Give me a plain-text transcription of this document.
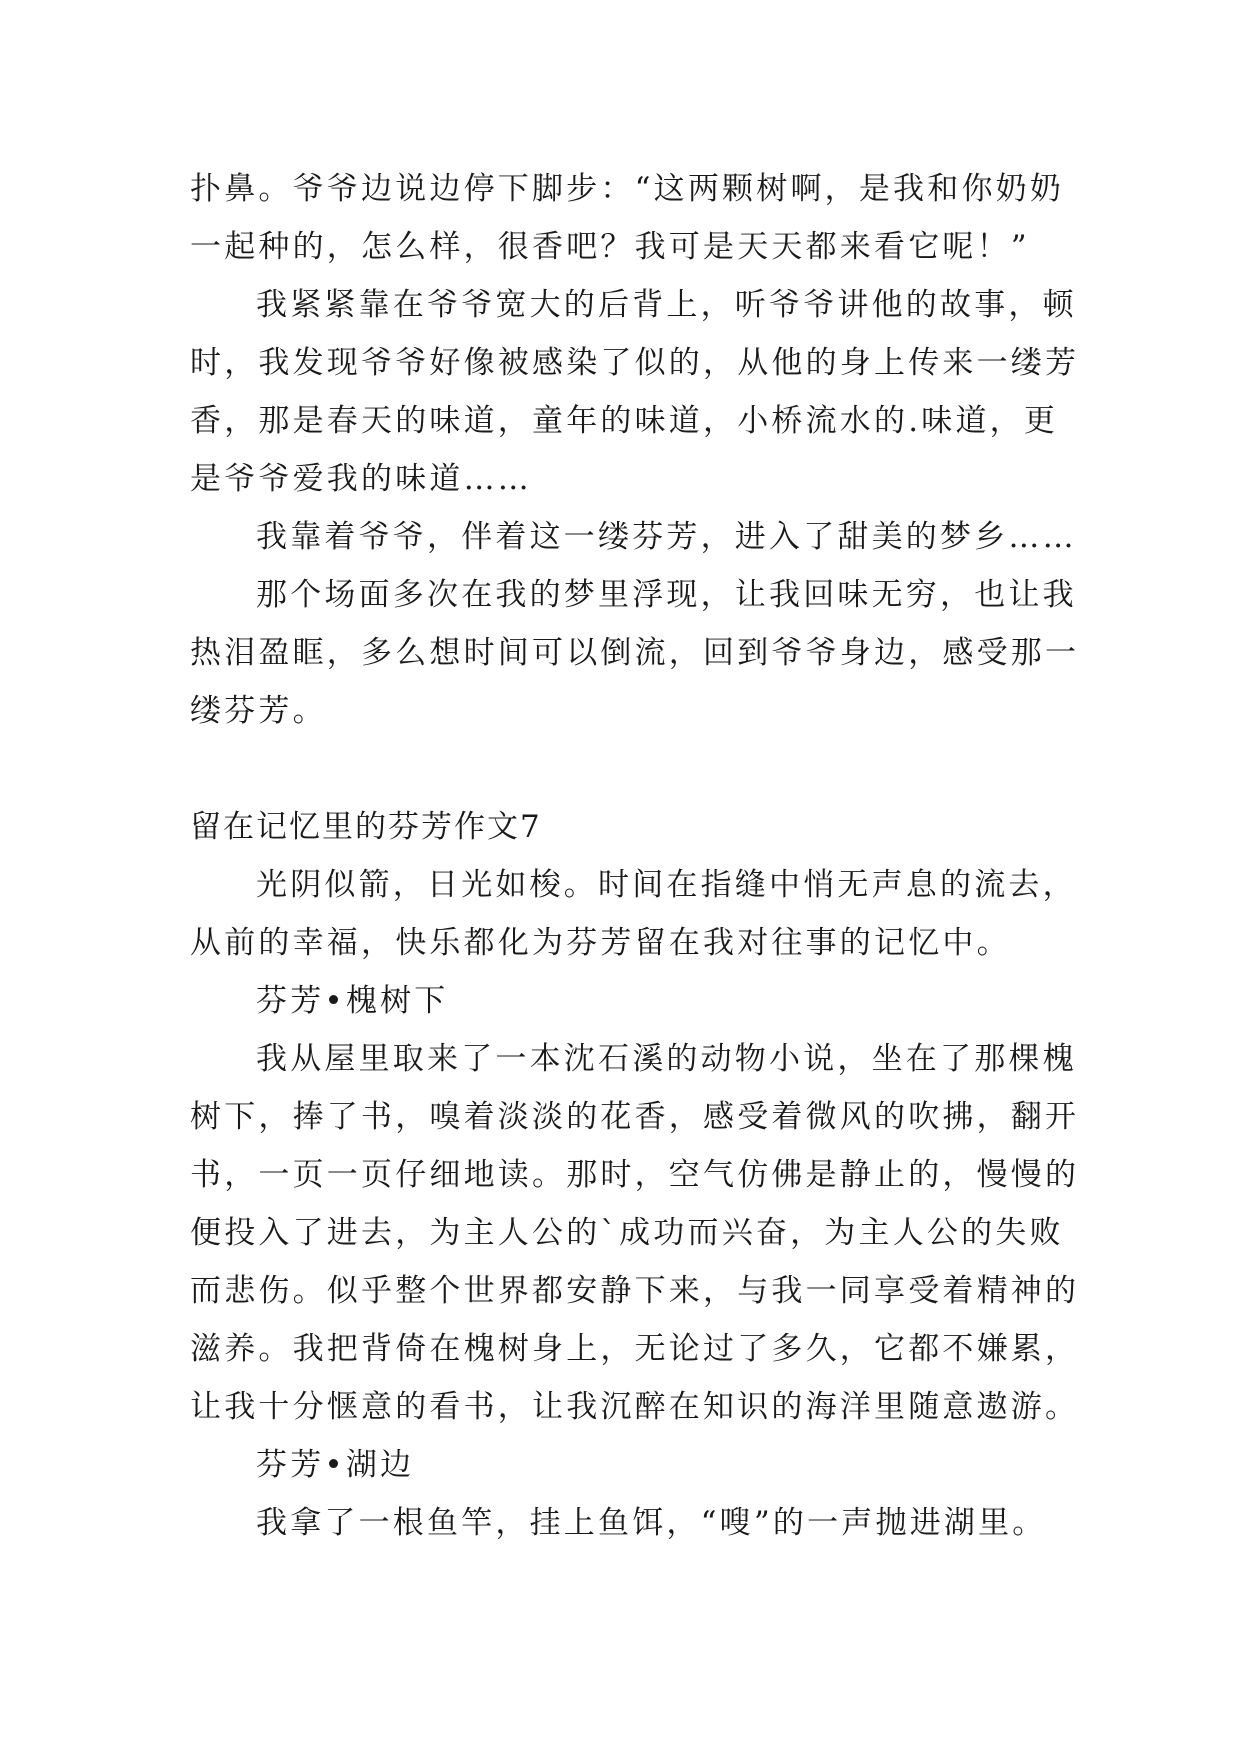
扑鼻。爷爷边说边停下脚步：“这两颗树啊，是我和你奶奶
一起种的，怎么样，很香吧？我可是天天都来看它呢！”
我紧紧靠在爷爷宽大的后背上，听爷爷讲他的故事，顿
时，我发现爷爷好像被感染了似的，从他的身上传来一缕芳
香，那是春天的味道，童年的味道，小桥流水的.味道，更
是爷爷爱我的味道……
我靠着爷爷，伴着这一缕芬芳，进入了甜美的梦乡……
那个场面多次在我的梦里浮现，让我回味无穷，也让我
热泪盈眶，多么想时间可以倒流，回到爷爷身边，感受那一
缕芬芳。
留在记忆里的芬芳作文7
光阴似箭，日光如梭。时间在指缝中悄无声息的流去，
从前的幸福，快乐都化为芬芳留在我对往事的记忆中。
芬芳•槐树下
我从屋里取来了一本沈石溪的动物小说，坐在了那棵槐
树下，捧了书，嗅着淡淡的花香，感受着微风的吹拂，翻开
书，一页一页仔细地读。那时，空气仿佛是静止的，慢慢的
便投入了进去，为主人公的`成功而兴奋，为主人公的失败
而悲伤。似乎整个世界都安静下来，与我一同享受着精神的
滋养。我把背倚在槐树身上，无论过了多久，它都不嫌累，
让我十分惬意的看书，让我沉醉在知识的海洋里随意遨游。
芬芳•湖边
我拿了一根鱼竿，挂上鱼饵，“嗖”的一声抛进湖里。
